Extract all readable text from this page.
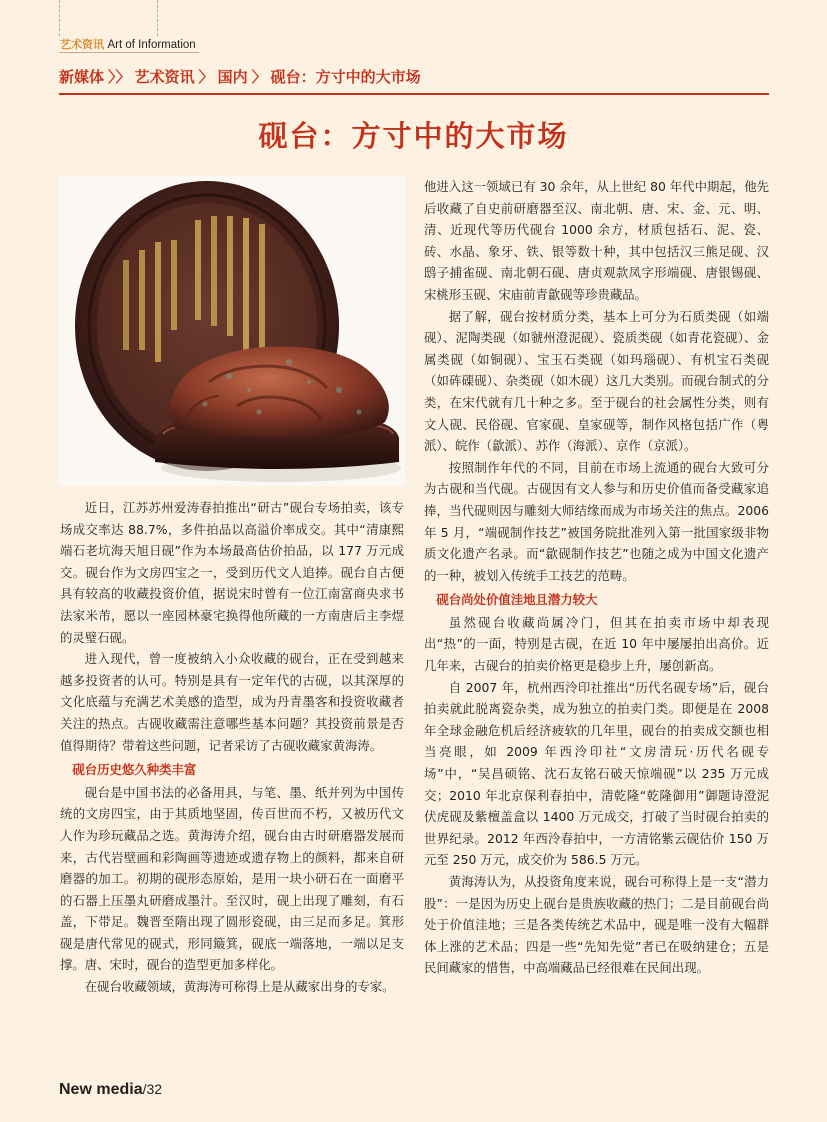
艺术资讯 Art of Information
新媒体 〉〉 艺术资讯 〉 国内 〉 砚台：方寸中的大市场
砚台：方寸中的大市场

近日，江苏苏州爱涛春拍推出“研古”砚台专场拍卖，该专场成交率达 88.7%，多件拍品以高溢价率成交。其中“清康熙端石老坑海天旭日砚”作为本场最高估价拍品，以 177 万元成交。砚台作为文房四宝之一，受到历代文人追捧。砚台自古便具有较高的收藏投资价值，据说宋时曾有一位江南富商央求书法家米芾，愿以一座园林豪宅换得他所藏的一方南唐后主李煜的灵璧石砚。

进入现代，曾一度被纳入小众收藏的砚台，正在受到越来越多投资者的认可。特别是具有一定年代的古砚，以其深厚的文化底蕴与充满艺术美感的造型，成为丹青墨客和投资收藏者关注的热点。古砚收藏需注意哪些基本问题？其投资前景是否值得期待？带着这些问题，记者采访了古砚收藏家黄海涛。

砚台历史悠久种类丰富

砚台是中国书法的必备用具，与笔、墨、纸并列为中国传统的文房四宝，由于其质地坚固，传百世而不朽，又被历代文人作为珍玩藏品之选。黄海涛介绍，砚台由古时研磨器发展而来，古代岩壁画和彩陶画等遗迹或遗存物上的颜料，都来自研磨器的加工。初期的砚形态原始，是用一块小研石在一面磨平的石器上压墨丸研磨成墨汁。至汉时，砚上出现了雕刻，有石盖，下带足。魏晋至隋出现了圆形瓷砚，由三足而多足。箕形砚是唐代常见的砚式，形同簸箕，砚底一端落地，一端以足支撑。唐、宋时，砚台的造型更加多样化。

在砚台收藏领域，黄海涛可称得上是从藏家出身的专家。

他进入这一领域已有 30 余年，从上世纪 80 年代中期起，他先后收藏了自史前研磨器至汉、南北朝、唐、宋、金、元、明、清、近现代等历代砚台 1000 余方，材质包括石、泥、瓷、砖、水晶、象牙、铁、银等数十种，其中包括汉三熊足砚、汉鸱子捕雀砚、南北朝石砚、唐贞观款凤字形端砚、唐银锡砚、宋桃形玉砚、宋庙前青歙砚等珍贵藏品。

据了解，砚台按材质分类，基本上可分为石质类砚（如端砚）、泥陶类砚（如虢州澄泥砚）、瓷质类砚（如青花瓷砚）、金属类砚（如铜砚）、宝玉石类砚（如玛瑙砚）、有机宝石类砚（如砗磲砚）、杂类砚（如木砚）这几大类别。而砚台制式的分类，在宋代就有几十种之多。至于砚台的社会属性分类，则有文人砚、民俗砚、官家砚、皇家砚等，制作风格包括广作（粤派）、皖作（歙派）、苏作（海派）、京作（京派）。

按照制作年代的不同，目前在市场上流通的砚台大致可分为古砚和当代砚。古砚因有文人参与和历史价值而备受藏家追捧，当代砚则因与雕刻大师结缘而成为市场关注的焦点。2006 年 5 月，“端砚制作技艺”被国务院批准列入第一批国家级非物质文化遗产名录。而“歙砚制作技艺”也随之成为中国文化遗产的一种，被划入传统手工技艺的范畴。

砚台尚处价值洼地且潜力较大

虽然砚台收藏尚属冷门，但其在拍卖市场中却表现出“热”的一面，特别是古砚，在近 10 年中屡屡拍出高价。近几年来，古砚台的拍卖价格更是稳步上升，屡创新高。

自 2007 年，杭州西泠印社推出“历代名砚专场”后，砚台拍卖就此脱离瓷杂类，成为独立的拍卖门类。即便是在 2008 年全球金融危机后经济疲软的几年里，砚台的拍卖成交额也相当亮眼，如 2009 年西泠印社“文房清玩·历代名砚专场”中，“吴昌硕铭、沈石友铭石破天惊端砚”以 235 万元成交；2010 年北京保利春拍中，清乾隆“乾隆御用”御题诗澄泥伏虎砚及紫檀盖盒以 1400 万元成交，打破了当时砚台拍卖的世界纪录。2012 年西泠春拍中，一方清铭紫云砚估价 150 万元至 250 万元，成交价为 586.5 万元。

黄海涛认为，从投资角度来说，砚台可称得上是一支“潜力股”：一是因为历史上砚台是贵族收藏的热门；二是目前砚台尚处于价值洼地；三是各类传统艺术品中，砚是唯一没有大幅群体上涨的艺术品；四是一些“先知先觉”者已在吸纳建仓；五是民间藏家的惜售，中高端藏品已经很难在民间出现。

New media/32
